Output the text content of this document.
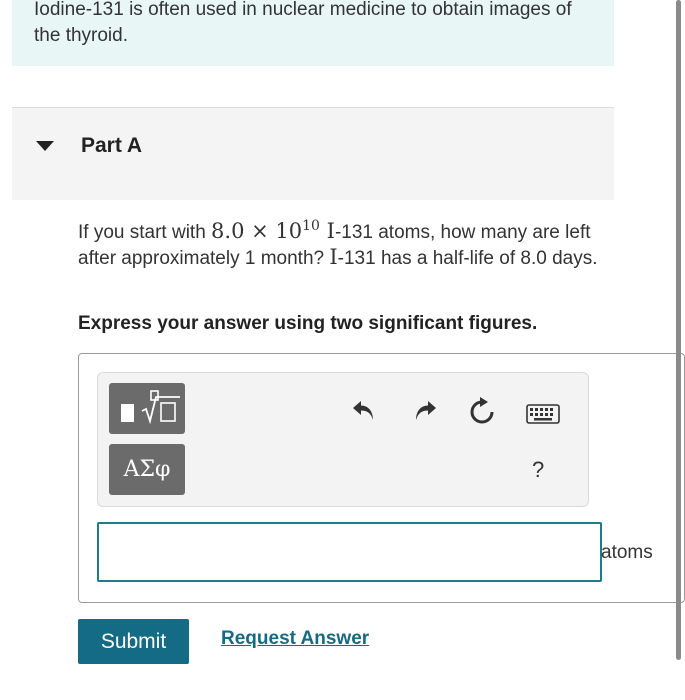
Iodine-131 is often used in nuclear medicine to obtain images of the thyroid.
Part A
If you start with $8.0 \times 10^{10}$ I-131 atoms, how many are left after approximately 1 month? I-131 has a half-life of 8.0 days.
Express your answer using two significant figures.
ΑΣφ	?
atoms
Submit	Request Answer
